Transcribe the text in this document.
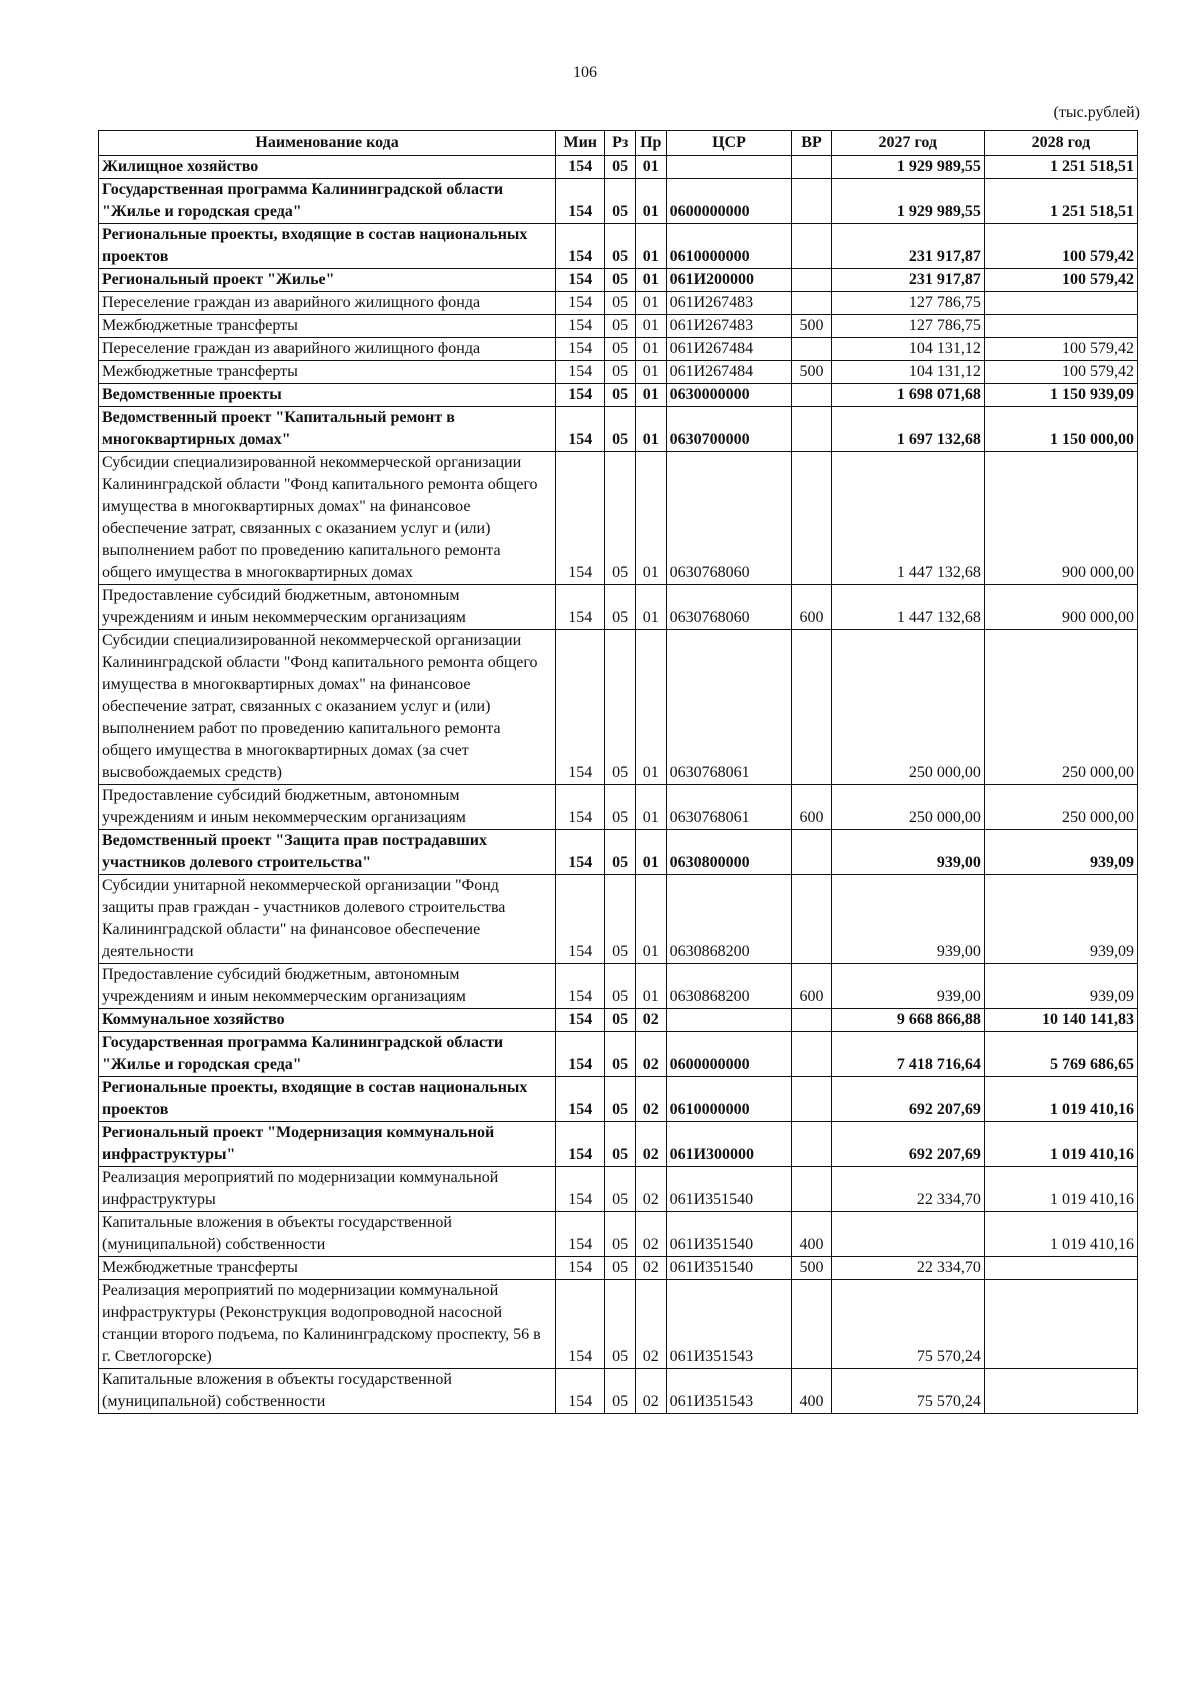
106
(тыс.рублей)
Наименование кода	Мин	Рз	Пр	ЦСР	ВР	2027 год	2028 год
Жилищное хозяйство	154	05	01			1 929 989,55	1 251 518,51
Государственная программа Калининградской области "Жилье и городская среда"	154	05	01	0600000000		1 929 989,55	1 251 518,51
Региональные проекты, входящие в состав национальных проектов	154	05	01	0610000000		231 917,87	100 579,42
Региональный проект "Жилье"	154	05	01	061И200000		231 917,87	100 579,42
Переселение граждан из аварийного жилищного фонда	154	05	01	061И267483		127 786,75	
Межбюджетные трансферты	154	05	01	061И267483	500	127 786,75	
Переселение граждан из аварийного жилищного фонда	154	05	01	061И267484		104 131,12	100 579,42
Межбюджетные трансферты	154	05	01	061И267484	500	104 131,12	100 579,42
Ведомственные проекты	154	05	01	0630000000		1 698 071,68	1 150 939,09
Ведомственный проект "Капитальный ремонт в многоквартирных домах"	154	05	01	0630700000		1 697 132,68	1 150 000,00
Субсидии специализированной некоммерческой организации Калининградской области "Фонд капитального ремонта общего имущества в многоквартирных домах" на финансовое обеспечение затрат, связанных с оказанием услуг и (или) выполнением работ по проведению капитального ремонта общего имущества в многоквартирных домах	154	05	01	0630768060		1 447 132,68	900 000,00
Предоставление субсидий бюджетным, автономным учреждениям и иным некоммерческим организациям	154	05	01	0630768060	600	1 447 132,68	900 000,00
Субсидии специализированной некоммерческой организации Калининградской области "Фонд капитального ремонта общего имущества в многоквартирных домах" на финансовое обеспечение затрат, связанных с оказанием услуг и (или) выполнением работ по проведению капитального ремонта общего имущества в многоквартирных домах (за счет высвобождаемых средств)	154	05	01	0630768061		250 000,00	250 000,00
Предоставление субсидий бюджетным, автономным учреждениям и иным некоммерческим организациям	154	05	01	0630768061	600	250 000,00	250 000,00
Ведомственный проект "Защита прав пострадавших участников долевого строительства"	154	05	01	0630800000		939,00	939,09
Субсидии унитарной некоммерческой организации "Фонд защиты прав граждан - участников долевого строительства Калининградской области" на финансовое обеспечение деятельности	154	05	01	0630868200		939,00	939,09
Предоставление субсидий бюджетным, автономным учреждениям и иным некоммерческим организациям	154	05	01	0630868200	600	939,00	939,09
Коммунальное хозяйство	154	05	02			9 668 866,88	10 140 141,83
Государственная программа Калининградской области "Жилье и городская среда"	154	05	02	0600000000		7 418 716,64	5 769 686,65
Региональные проекты, входящие в состав национальных проектов	154	05	02	0610000000		692 207,69	1 019 410,16
Региональный проект "Модернизация коммунальной инфраструктуры"	154	05	02	061И300000		692 207,69	1 019 410,16
Реализация мероприятий по модернизации коммунальной инфраструктуры	154	05	02	061И351540		22 334,70	1 019 410,16
Капитальные вложения в объекты государственной (муниципальной) собственности	154	05	02	061И351540	400		1 019 410,16
Межбюджетные трансферты	154	05	02	061И351540	500	22 334,70	
Реализация мероприятий по модернизации коммунальной инфраструктуры (Реконструкция водопроводной насосной станции второго подъема, по Калининградскому проспекту, 56 в г. Светлогорске)	154	05	02	061И351543		75 570,24	
Капитальные вложения в объекты государственной (муниципальной) собственности	154	05	02	061И351543	400	75 570,24	
